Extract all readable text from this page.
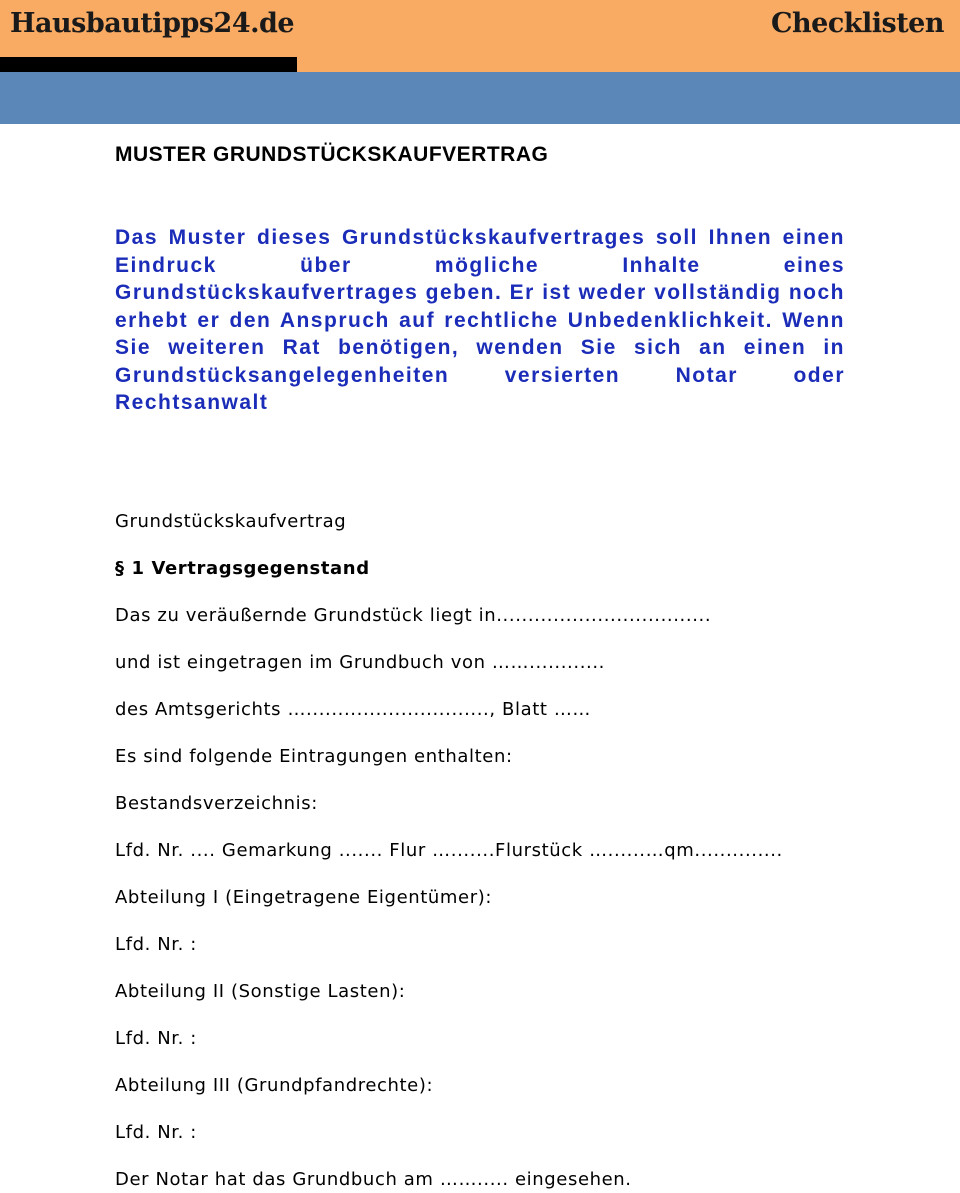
Hausbautipps24.de	Checklisten
MUSTER GRUNDSTÜCKSKAUFVERTRAG
Das Muster dieses Grundstückskaufvertrages soll Ihnen einen Eindruck über mögliche Inhalte eines Grundstückskaufvertrages geben. Er ist weder vollständig noch erhebt er den Anspruch auf rechtliche Unbedenklichkeit. Wenn Sie weiteren Rat benötigen, wenden Sie sich an einen in Grundstücksangelegenheiten versierten Notar oder Rechtsanwalt
Grundstückskaufvertrag
§ 1 Vertragsgegenstand
Das zu veräußernde Grundstück liegt in..................................
und ist eingetragen im Grundbuch von ……............
des Amtsgerichts …............................., Blatt ……
Es sind folgende Eintragungen enthalten:
Bestandsverzeichnis:
Lfd. Nr. .... Gemarkung ....... Flur ….......Flurstück …......…qm..............
Abteilung I (Eingetragene Eigentümer):
Lfd. Nr. :
Abteilung II (Sonstige Lasten):
Lfd. Nr. :
Abteilung III (Grundpfandrechte):
Lfd. Nr. :
Der Notar hat das Grundbuch am ……..... eingesehen.
